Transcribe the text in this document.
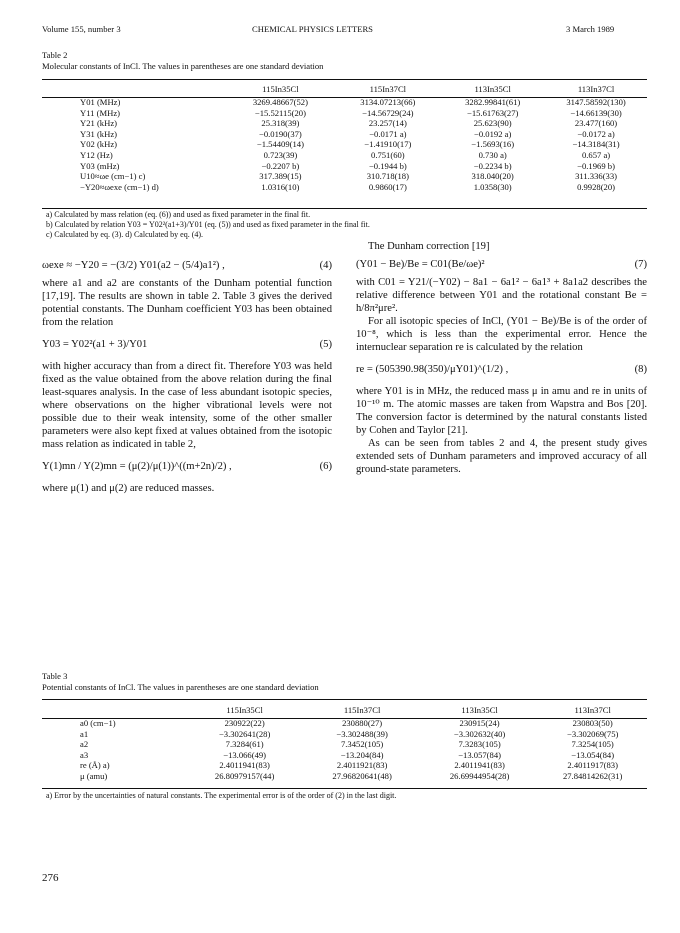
Volume 155, number 3	CHEMICAL PHYSICS LETTERS	3 March 1989
Table 2
Molecular constants of InCl. The values in parentheses are one standard deviation
	115In35Cl	115In37Cl	113In35Cl	113In37Cl
Y01 (MHz)	3269.48667(52)	3134.07213(66)	3282.99841(61)	3147.58592(130)
Y11 (MHz)	−15.52115(20)	−14.56729(24)	−15.61763(27)	−14.66139(30)
Y21 (kHz)	25.318(39)	23.257(14)	25.623(90)	23.477(160)
Y31 (kHz)	−0.0190(37)	−0.0171 a)	−0.0192 a)	−0.0172 a)
Y02 (kHz)	−1.54409(14)	−1.41910(17)	−1.5693(16)	−14.3184(31)
Y12 (Hz)	0.723(39)	0.751(60)	0.730 a)	0.657 a)
Y03 (mHz)	−0.2207 b)	−0.1944 b)	−0.2234 b)	−0.1969 b)
U10≈ωe (cm−1) c)	317.389(15)	310.718(18)	318.040(20)	311.336(33)
−Y20≈ωexe (cm−1) d)	1.0316(10)	0.9860(17)	1.0358(30)	0.9928(20)
a) Calculated by mass relation (eq. (6)) and used as fixed parameter in the final fit.
b) Calculated by relation Y03 = Y02²(a1+3)/Y01 (eq. (5)) and used as fixed parameter in the final fit.
c) Calculated by eq. (3). d) Calculated by eq. (4).
ωexe ≈ −Y20 = −(3/2) Y01(a2 − (5/4)a1²) ,	(4)

where a1 and a2 are constants of the Dunham potential function [17,19]. The results are shown in table 2. Table 3 gives the derived potential constants. The Dunham coefficient Y03 has been obtained from the relation

Y03 = Y02²(a1 + 3)/Y01	(5)

with higher accuracy than from a direct fit. Therefore Y03 was held fixed as the value obtained from the above relation during the final least-squares analysis. In the case of less abundant isotopic species, where observations on the higher vibrational levels were not possible due to their weak intensity, some of the other smaller parameters were also kept fixed at values obtained from the isotopic mass relation as indicated in table 2,

Y(1)mn / Y(2)mn = (μ(2)/μ(1))^((m+2n)/2) ,	(6)

where μ(1) and μ(2) are reduced masses.

The Dunham correction [19]

(Y01 − Be)/Be = C01(Be/ωe)²	(7)

with C01 = Y21/(−Y02) − 8a1 − 6a1² − 6a1³ + 8a1a2 describes the relative difference between Y01 and the rotational constant Be = h/8π²μre².

For all isotopic species of InCl, (Y01 − Be)/Be is of the order of 10⁻⁸, which is less than the experimental error. Hence the internuclear separation re is calculated by the relation

re = (505390.98(350)/μY01)^(1/2) ,	(8)

where Y01 is in MHz, the reduced mass μ in amu and re in units of 10⁻¹⁰ m. The atomic masses are taken from Wapstra and Bos [20]. The conversion factor is determined by the natural constants listed by Cohen and Taylor [21].

As can be seen from tables 2 and 4, the present study gives extended sets of Dunham parameters and improved accuracy of all ground-state parameters.

Table 3
Potential constants of InCl. The values in parentheses are one standard deviation
	115In35Cl	115In37Cl	113In35Cl	113In37Cl
a0 (cm−1)	230922(22)	230880(27)	230915(24)	230803(50)
a1	−3.302641(28)	−3.302488(39)	−3.302632(40)	−3.302069(75)
a2	7.3284(61)	7.3452(105)	7.3283(105)	7.3254(105)
a3	−13.066(49)	−13.204(84)	−13.057(84)	−13.054(84)
re (Å) a)	2.4011941(83)	2.4011921(83)	2.4011941(83)	2.4011917(83)
μ (amu)	26.80979157(44)	27.96820641(48)	26.69944954(28)	27.84814262(31)
a) Error by the uncertainties of natural constants. The experimental error is of the order of (2) in the last digit.
276
